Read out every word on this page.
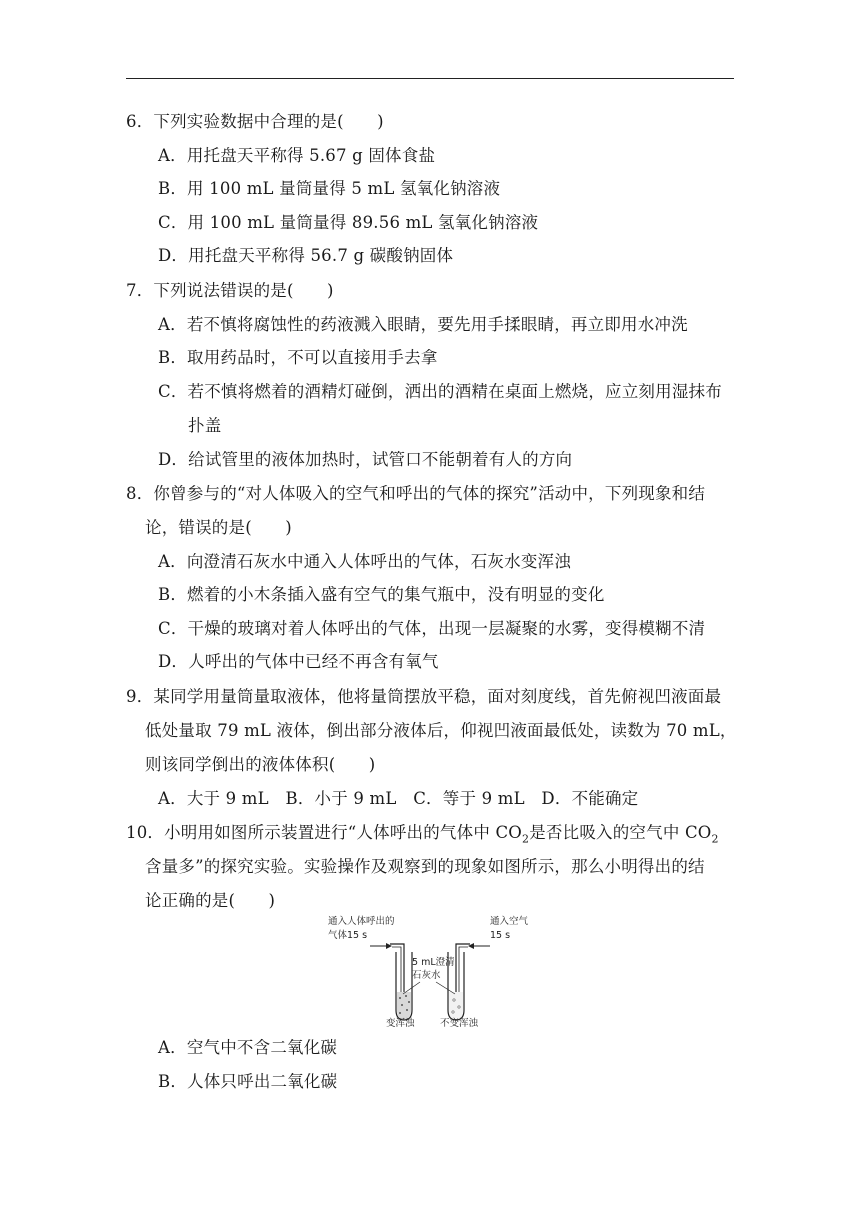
6．下列实验数据中合理的是(　　)
A．用托盘天平称得 5.67 g 固体食盐
B．用 100 mL 量筒量得 5 mL 氢氧化钠溶液
C．用 100 mL 量筒量得 89.56 mL 氢氧化钠溶液
D．用托盘天平称得 56.7 g 碳酸钠固体
7．下列说法错误的是(　　)
A．若不慎将腐蚀性的药液溅入眼睛，要先用手揉眼睛，再立即用水冲洗
B．取用药品时，不可以直接用手去拿
C．若不慎将燃着的酒精灯碰倒，洒出的酒精在桌面上燃烧，应立刻用湿抹布
扑盖
D．给试管里的液体加热时，试管口不能朝着有人的方向
8．你曾参与的“对人体吸入的空气和呼出的气体的探究”活动中，下列现象和结
论，错误的是(　　)
A．向澄清石灰水中通入人体呼出的气体，石灰水变浑浊
B．燃着的小木条插入盛有空气的集气瓶中，没有明显的变化
C．干燥的玻璃对着人体呼出的气体，出现一层凝聚的水雾，变得模糊不清
D．人呼出的气体中已经不再含有氧气
9．某同学用量筒量取液体，他将量筒摆放平稳，面对刻度线，首先俯视凹液面最
低处量取 79 mL 液体，倒出部分液体后，仰视凹液面最低处，读数为 70 mL，
则该同学倒出的液体体积(　　)
A．大于 9 mL　B．小于 9 mL　C．等于 9 mL　D．不能确定
10．小明用如图所示装置进行“人体呼出的气体中 $CO_2$是否比吸入的空气中 $CO_2$
含量多”的探究实验。实验操作及观察到的现象如图所示，那么小明得出的结
论正确的是(　　)
通入人体呼出的
气体15 s
通入空气
15 s
5 mL澄清
石灰水
变浑浊	不变浑浊
A．空气中不含二氧化碳
B．人体只呼出二氧化碳
